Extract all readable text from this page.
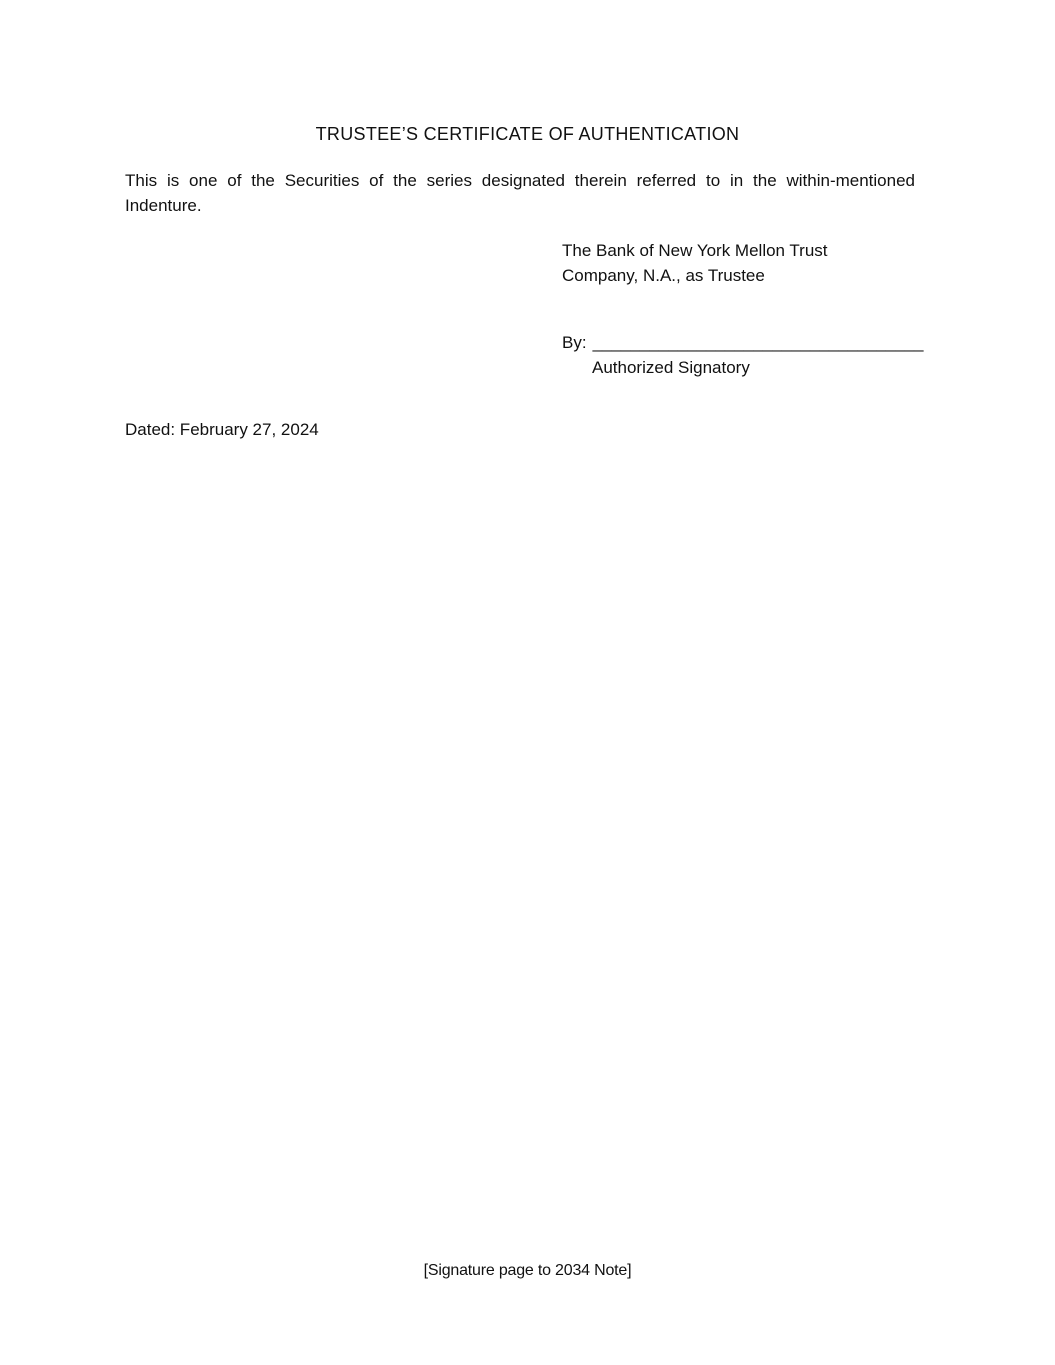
TRUSTEE’S CERTIFICATE OF AUTHENTICATION

This is one of the Securities of the series designated therein referred to in the within-mentioned Indenture.

The Bank of New York Mellon Trust Company, N.A., as Trustee
By: ___________________________________
Authorized Signatory
Dated: February 27, 2024
[Signature page to 2034 Note]
